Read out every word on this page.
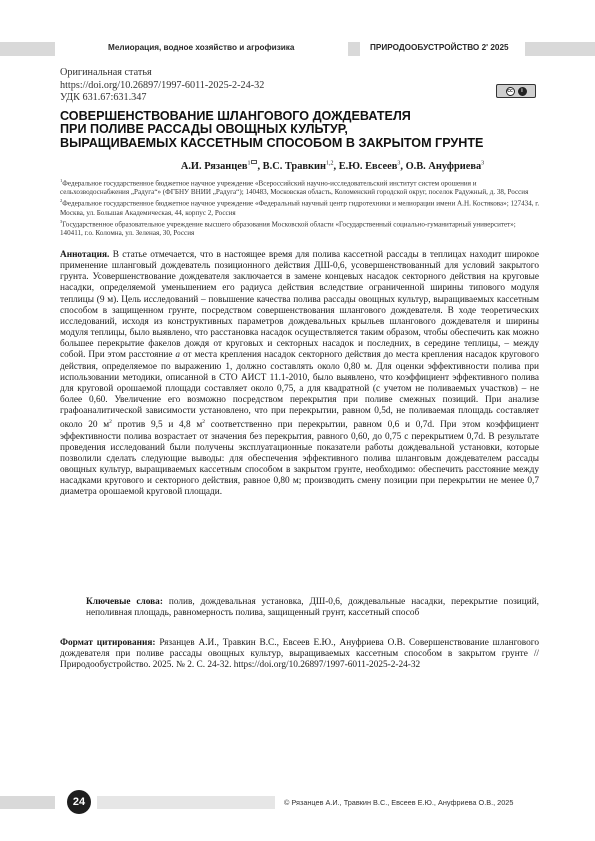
Мелиорация, водное хозяйство и агрофизика	ПРИРОДООБУСТРОЙСТВО 2' 2025
Оригинальная статья
https://doi.org/10.26897/1997-6011-2025-2-24-32
УДК 631.67:631.347
cc	i
СОВЕРШЕНСТВОВАНИЕ ШЛАНГОВОГО ДОЖДЕВАТЕЛЯ
ПРИ ПОЛИВЕ РАССАДЫ ОВОЩНЫХ КУЛЬТУР,
ВЫРАЩИВАЕМЫХ КАССЕТНЫМ СПОСОБОМ В ЗАКРЫТОМ ГРУНТЕ
А.И. Рязанцев$^1$ , В.С. Травкин$^{1,2}$, Е.Ю. Евсеев$^3$, О.В. Ануфриева$^3$
$^1$Федеральное государственное бюджетное научное учреждение «Всероссийский научно-исследовательский институт систем орошения и сельхозводоснабжения „Радуга“» (ФГБНУ ВНИИ „Радуга“); 140483, Московская область, Коломенский городской округ, поселок Радужный, д. 38, Россия
$^2$Федеральное государственное бюджетное научное учреждение «Федеральный научный центр гидротехники и мелиорации имени А.Н. Костякова»; 127434, г. Москва, ул. Большая Академическая, 44, корпус 2, Россия
$^3$Государственное образовательное учреждение высшего образования Московской области «Государственный социально-гуманитарный университет»; 140411, г.о. Коломна, ул. Зеленая, 30, Россия
Аннотация. В статье отмечается, что в настоящее время для полива кассетной рассады в теплицах находит широкое применение шланговый дождеватель позиционного действия ДШ-0,6, усовершенствованный для условий закрытого грунта. Усовершенствование дождевателя заключается в замене концевых насадок секторного действия на круговые насадки, определяемой уменьшением его радиуса действия вследствие ограниченной ширины типового модуля теплицы (9 м). Цель исследований – повышение качества полива рассады овощных культур, выращиваемых кассетным способом в защищенном грунте, посредством совершенствования шлангового дождевателя. В ходе теоретических исследований, исходя из конструктивных параметров дождевальных крыльев шлангового дождевателя и ширины модуля теплицы, было выявлено, что расстановка насадок осуществляется таким образом, чтобы обеспечить как можно большее перекрытие факелов дождя от круговых и секторных насадок и последних, в середине теплицы, – между собой. При этом расстояние a от места крепления насадок секторного действия до места крепления насадок кругового действия, определяемое по выражению 1, должно составлять около 0,80 м. Для оценки эффективности полива при использовании методики, описанной в СТО АИСТ 11.1-2010, было выявлено, что коэффициент эффективного полива для круговой орошаемой площади составляет около 0,75, а для квадратной (с учетом не поливаемых участков) – не более 0,60. Увеличение его возможно посредством перекрытия при поливе смежных позиций. При анализе графоаналитической зависимости установлено, что при перекрытии, равном 0,5d, не поливаемая площадь составляет около 20 $м^2$ против 9,5 и 4,8 $м^2$ соответственно при перекрытии, равном 0,6 и 0,7d. При этом коэффициент эффективности полива возрастает от значения без перекрытия, равного 0,60, до 0,75 с перекрытием 0,7d. В результате проведения исследований были получены эксплуатационные показатели работы дождевальной установки, которые позволили сделать следующие выводы: для обеспечения эффективного полива шланговым дождевателем рассады овощных культур, выращиваемых кассетным способом в закрытом грунте, необходимо: обеспечить расстояние между насадками кругового и секторного действия, равное 0,80 м; производить смену позиции при перекрытии не менее 0,7 диаметра орошаемой круговой площади.
Ключевые слова: полив, дождевальная установка, ДШ-0,6, дождевальные насадки, перекрытие позиций, неполивная площадь, равномерность полива, защищенный грунт, кассетный способ
Формат цитирования: Рязанцев А.И., Травкин В.С., Евсеев Е.Ю., Ануфриева О.В. Совершенствование шлангового дождевателя при поливе рассады овощных культур, выращиваемых кассетным способом в закрытом грунте // Природообустройство. 2025. № 2. С. 24-32. https://doi.org/10.26897/1997-6011-2025-2-24-32
24	© Рязанцев А.И., Травкин В.С., Евсеев Е.Ю., Ануфриева О.В., 2025
